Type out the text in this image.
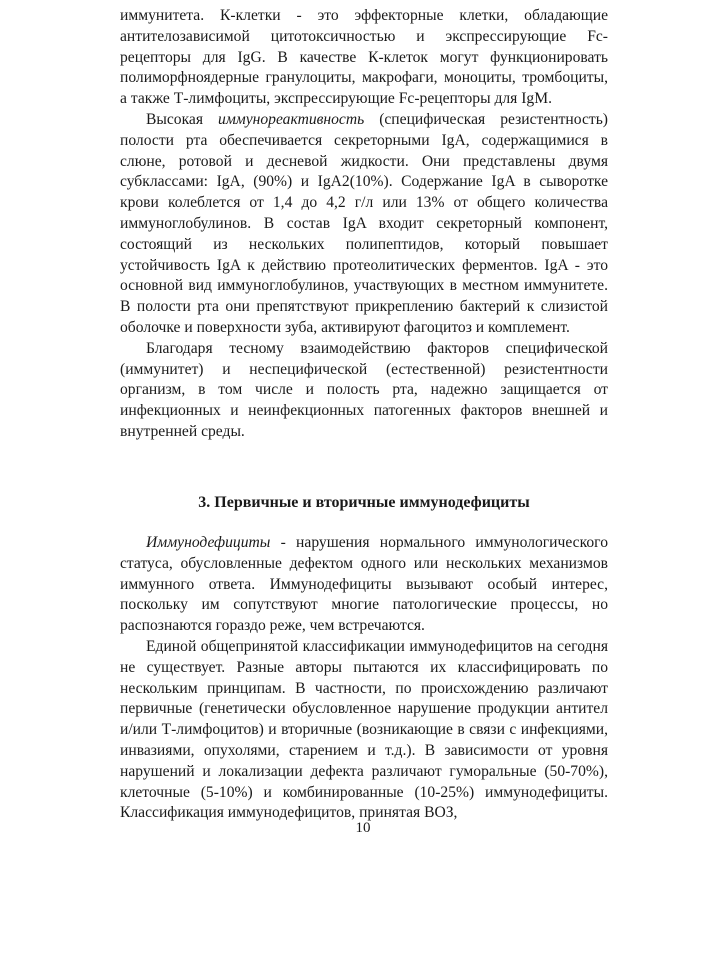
иммунитета. К-клетки - это эффекторные клетки, обладающие антителозависимой цитотоксичностью и экспрессирующие Fc-рецепторы для IgG. В качестве К-клеток могут функционировать полиморфноядерные гранулоциты, макрофаги, моноциты, тромбоциты, а также Т-лимфоциты, экспрессирующие Fc-рецепторы для IgM.

Высокая иммунореактивность (специфическая резистентность) полости рта обеспечивается секреторными IgA, содержащимися в слюне, ротовой и десневой жидкости. Они представлены двумя субклассами: IgA, (90%) и IgA2(10%). Содержание IgA в сыворотке крови колеблется от 1,4 до 4,2 г/л или 13% от общего количества иммуноглобулинов. В состав IgA входит секреторный компонент, состоящий из нескольких полипептидов, который повышает устойчивость IgA к действию протеолитических ферментов. IgA - это основной вид иммуноглобулинов, участвующих в местном иммунитете. В полости рта они препятствуют прикреплению бактерий к слизистой оболочке и поверхности зуба, активируют фагоцитоз и комплемент.

Благодаря тесному взаимодействию факторов специфической (иммунитет) и неспецифической (естественной) резистентности организм, в том числе и полость рта, надежно защищается от инфекционных и неинфекционных патогенных факторов внешней и внутренней среды.

3. Первичные и вторичные иммунодефициты

Иммунодефициты - нарушения нормального иммунологического статуса, обусловленные дефектом одного или нескольких механизмов иммунного ответа. Иммунодефициты вызывают особый интерес, поскольку им сопутствуют многие патологические процессы, но распознаются гораздо реже, чем встречаются.

Единой общепринятой классификации иммунодефицитов на сегодня не существует. Разные авторы пытаются их классифицировать по нескольким принципам. В частности, по происхождению различают первичные (генетически обусловленное нарушение продукции антител и/или Т-лимфоцитов) и вторичные (возникающие в связи с инфекциями, инвазиями, опухолями, старением и т.д.). В зависимости от уровня нарушений и локализации дефекта различают гуморальные (50-70%), клеточные (5-10%) и комбинированные (10-25%) иммунодефициты. Классификация иммунодефицитов, принятая ВОЗ,

10
